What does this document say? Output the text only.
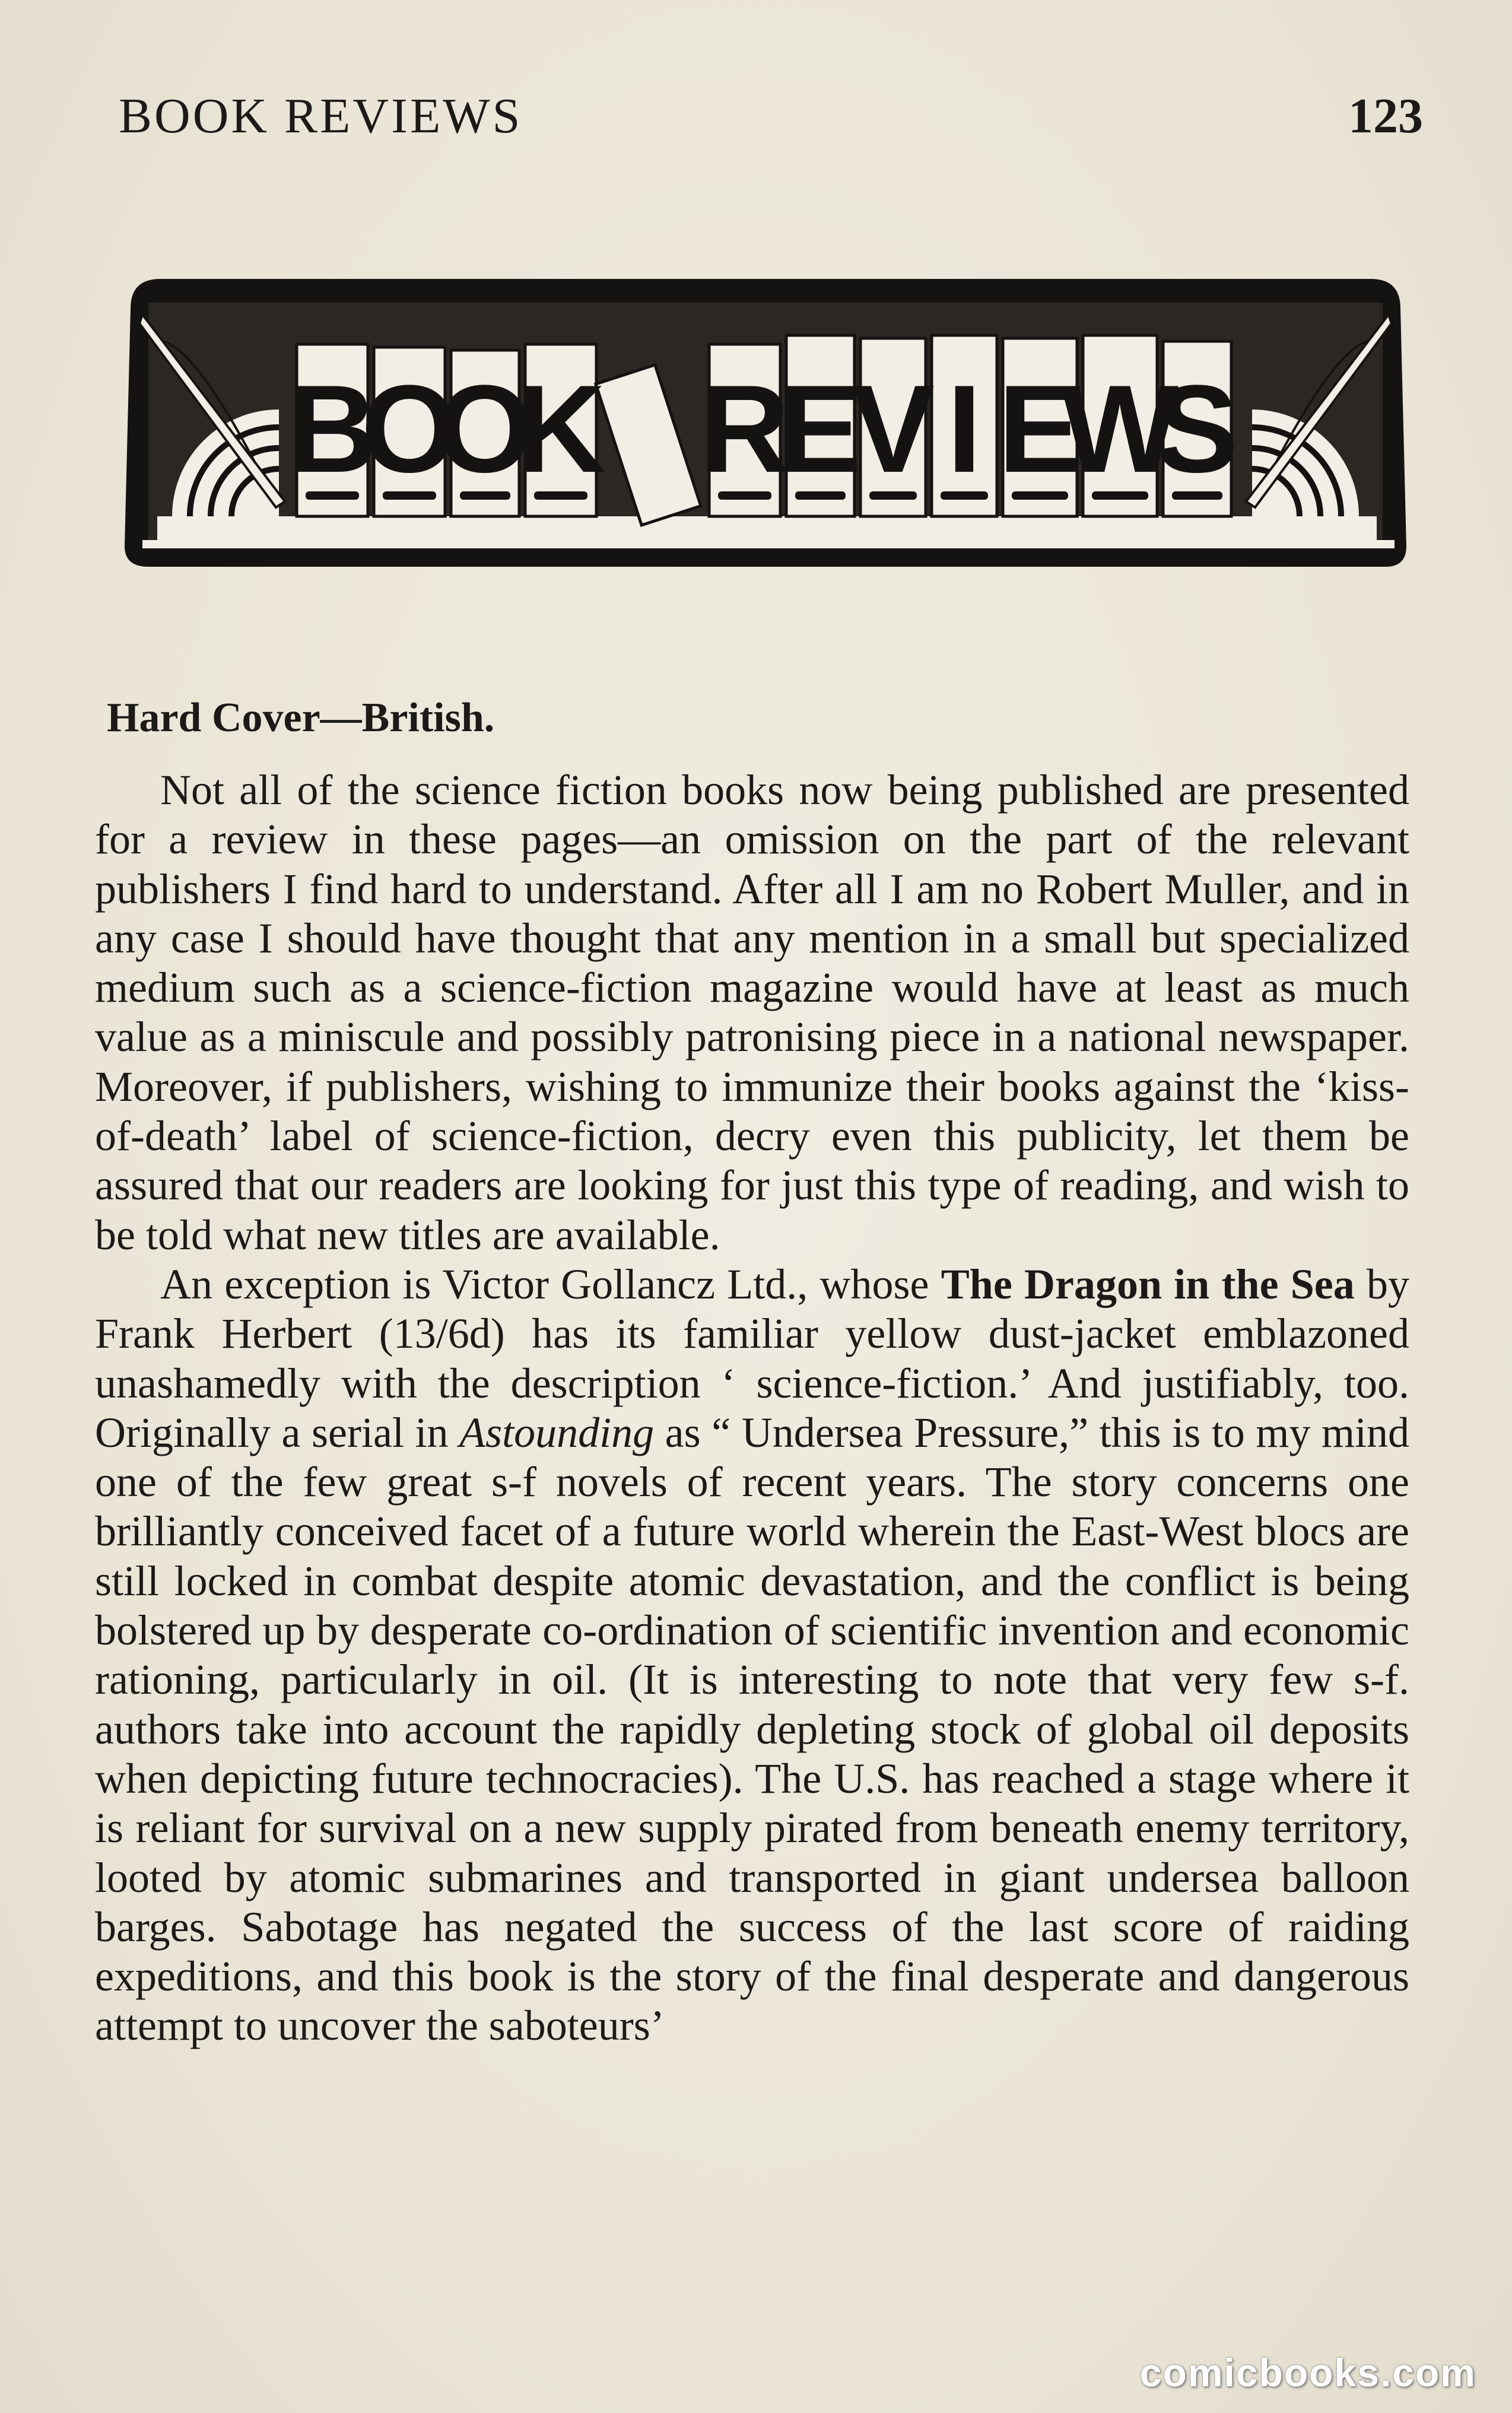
BOOK REVIEWS	123
B
O
O
K R
E
V I E
W
S
Hard Cover—British.

Not all of the science fiction books now being published are presented for a review in these pages—an omission on the part of the relevant publishers I find hard to understand. After all I am no Robert Muller, and in any case I should have thought that any mention in a small but specialized medium such as a science-fiction magazine would have at least as much value as a miniscule and possibly patronising piece in a national newspaper. Moreover, if publishers, wishing to immunize their books against the ‘kiss-of-death’ label of science-fiction, decry even this publicity, let them be assured that our readers are looking for just this type of reading, and wish to be told what new titles are available.

An exception is Victor Gollancz Ltd., whose The Dragon in the Sea by Frank Herbert (13/6d) has its familiar yellow dust-jacket emblazoned unashamedly with the description ‘ science-fiction.’ And justifiably, too. Originally a serial in Astounding as “ Undersea Pressure,” this is to my mind one of the few great s-f novels of recent years. The story concerns one brilliantly conceived facet of a future world wherein the East-West blocs are still locked in combat despite atomic devastation, and the conflict is being bolstered up by desperate co-ordination of scientific invention and economic rationing, particularly in oil. (It is interesting to note that very few s-f. authors take into account the rapidly depleting stock of global oil deposits when depicting future technocracies). The U.S. has reached a stage where it is reliant for survival on a new supply pirated from beneath enemy territory, looted by atomic submarines and transported in giant undersea balloon barges. Sabotage has negated the success of the last score of raiding expeditions, and this book is the story of the final desperate and dangerous attempt to uncover the saboteurs’

comicbooks.com
